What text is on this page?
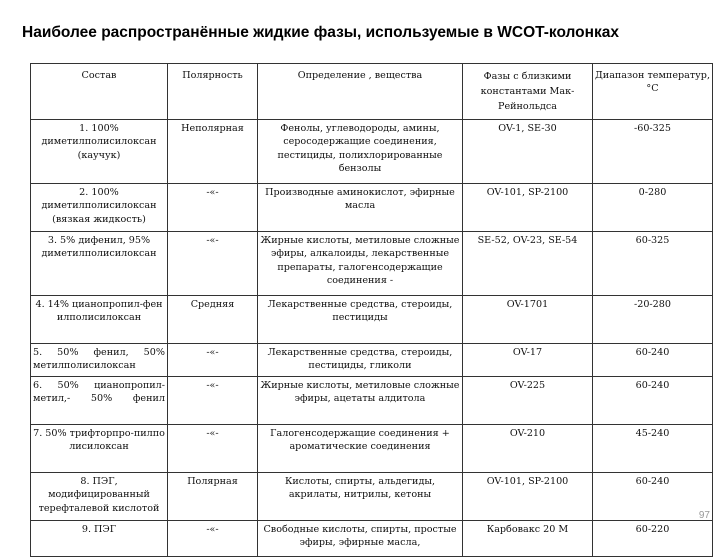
Наиболее распространённые жидкие фазы, используемые в WCOT-колонках
Состав	Полярность	Определение , вещества	Фазы с близкими константами Мак-Рейнольдса	Диапазон температур, °С
1. 100% диметилполисилоксан (каучук)	Неполярная	Фенолы, углеводороды, амины, серосодержащие соединения, пестициды, полихлорированные бензолы	OV-1, SE-30	-60-325
2. 100% диметилполисилоксан (вязкая жидкость)	-«-	Производные аминокислот, эфирные масла	OV-101, SP-2100	0-280
3. 5% дифенил, 95% диметилполисилоксан	-«-	Жирные кислоты, метиловые сложные эфиры, алкалоиды, лекарственные препараты, галогенсодержащие соединения -	SE-52, OV-23, SE-54	60-325
4. 14% цианопропил-фенилполисилоксан	Средняя	Лекарственные средства, стероиды, пестициды	OV-1701	-20-280
5. 50% фенил, 50% метилполисилоксан	-«-	Лекарственные средства, стероиды, пестициды, гликоли	OV-17	60-240
6. 50% цианопропил-метил,- 50% фенил	-«-	Жирные кислоты, метиловые сложные эфиры, ацетаты алдитола	OV-225	60-240
7. 50% трифторпро-пилполисилоксан	-«-	Галогенсодержащие соединения + ароматические соединения	OV-210	45-240
8. ПЭГ, модифицированный терефталевой кислотой	Полярная	Кислоты, спирты, альдегиды, акрилаты, нитрилы, кетоны	OV-101, SP-2100	60-240
9. ПЭГ	-«-	Свободные кислоты, спирты, простые эфиры, эфирные масла,	Карбовакс 20 М	60-220
97
